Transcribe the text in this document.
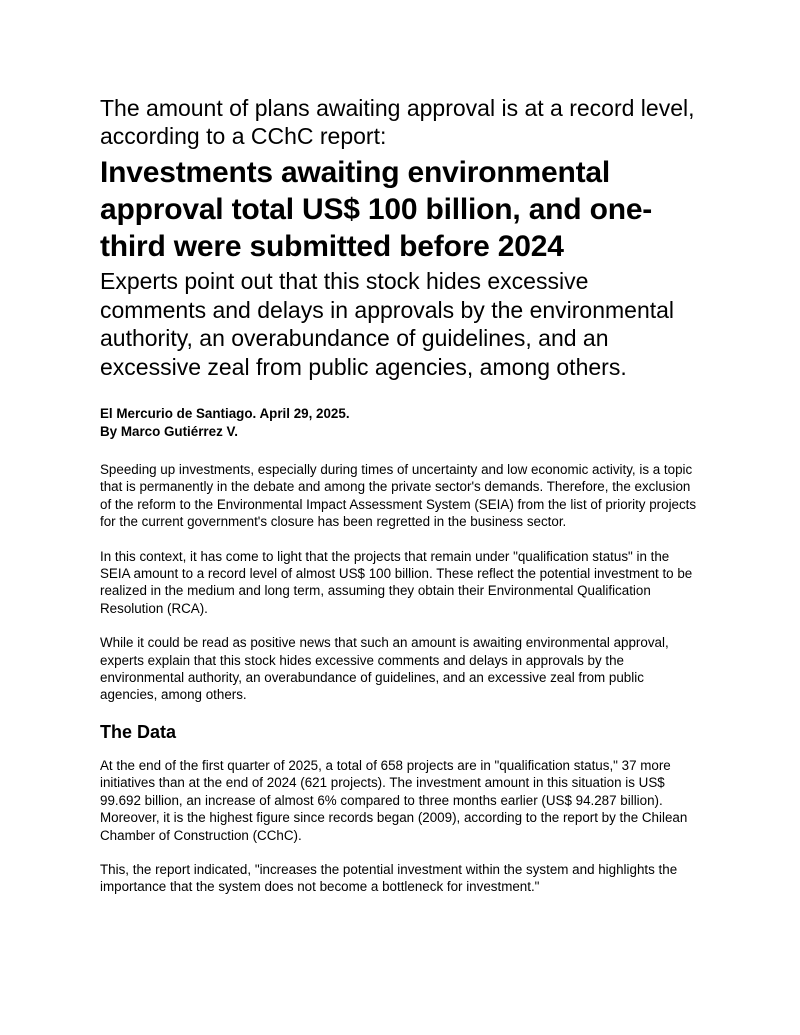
The amount of plans awaiting approval is at a record level, according to a CChC report:
Investments awaiting environmental approval total US$ 100 billion, and one-third were submitted before 2024
Experts point out that this stock hides excessive comments and delays in approvals by the environmental authority, an overabundance of guidelines, and an excessive zeal from public agencies, among others.
El Mercurio de Santiago. April 29, 2025.
By Marco Gutiérrez V.

Speeding up investments, especially during times of uncertainty and low economic activity, is a topic that is permanently in the debate and among the private sector's demands. Therefore, the exclusion of the reform to the Environmental Impact Assessment System (SEIA) from the list of priority projects for the current government's closure has been regretted in the business sector.

In this context, it has come to light that the projects that remain under "qualification status" in the SEIA amount to a record level of almost US$ 100 billion. These reflect the potential investment to be realized in the medium and long term, assuming they obtain their Environmental Qualification Resolution (RCA).

While it could be read as positive news that such an amount is awaiting environmental approval, experts explain that this stock hides excessive comments and delays in approvals by the environmental authority, an overabundance of guidelines, and an excessive zeal from public agencies, among others.

The Data

At the end of the first quarter of 2025, a total of 658 projects are in "qualification status," 37 more initiatives than at the end of 2024 (621 projects). The investment amount in this situation is US$ 99.692 billion, an increase of almost 6% compared to three months earlier (US$ 94.287 billion). Moreover, it is the highest figure since records began (2009), according to the report by the Chilean Chamber of Construction (CChC).

This, the report indicated, "increases the potential investment within the system and highlights the importance that the system does not become a bottleneck for investment."
